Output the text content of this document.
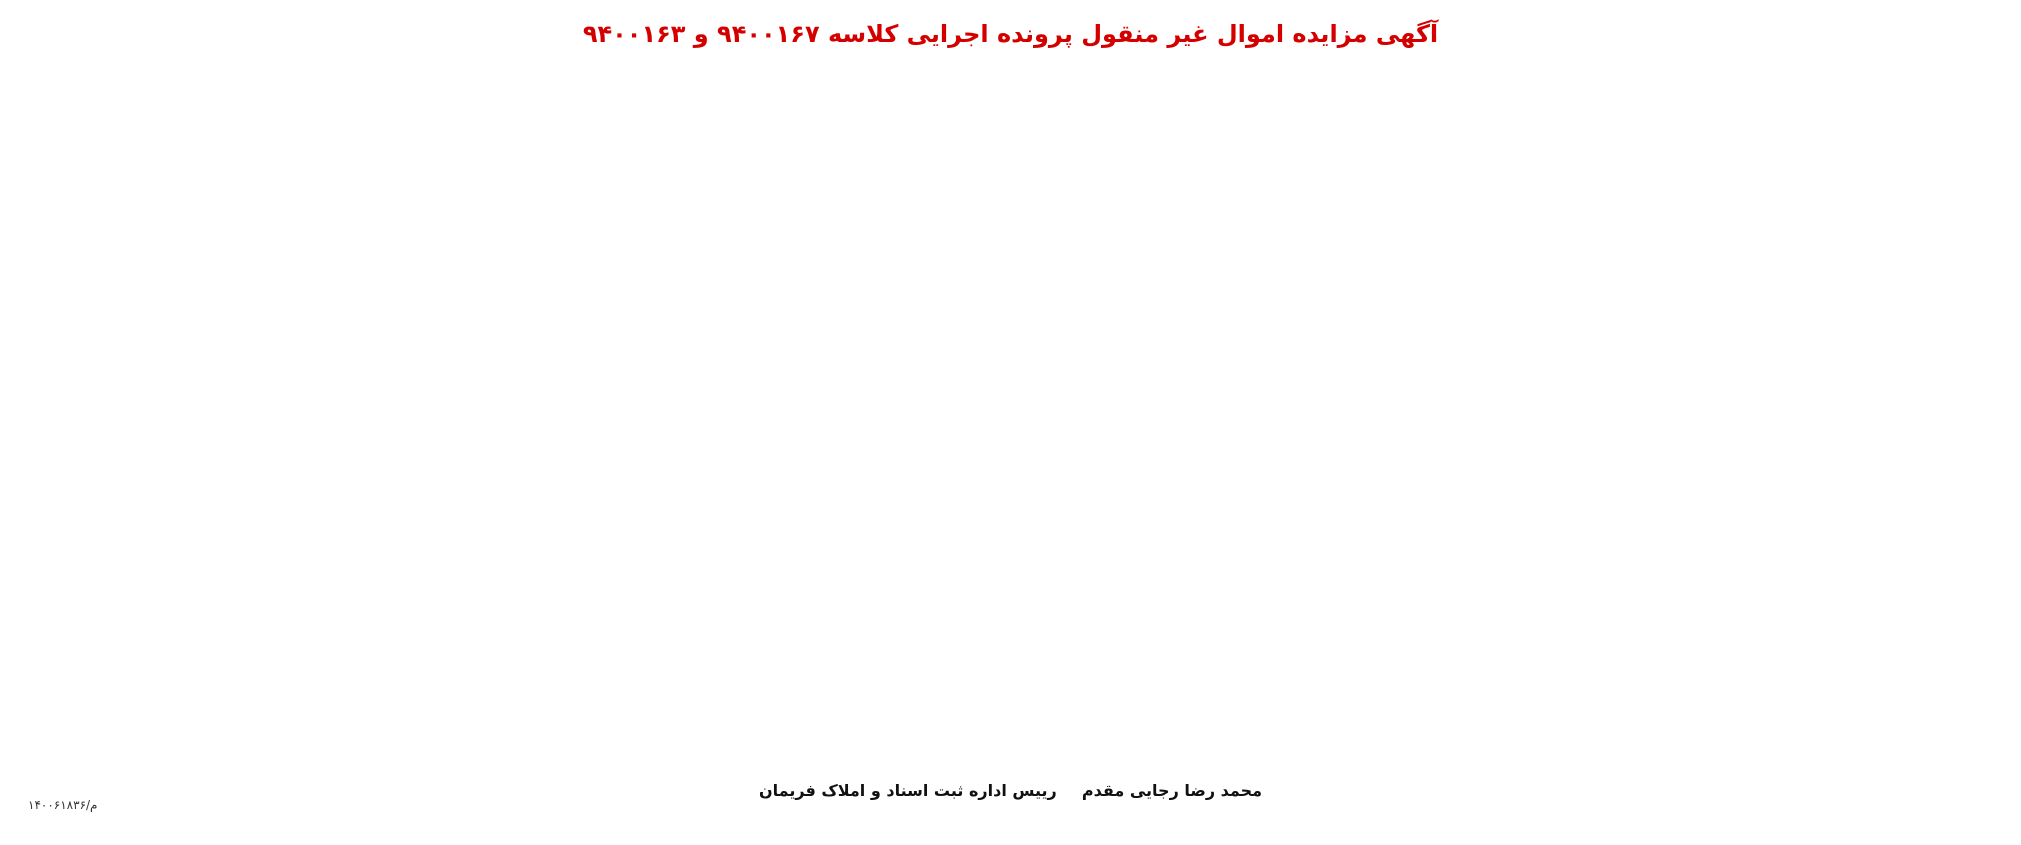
آگهی مزایده اموال غیر منقول پرونده اجرایی کلاسه ۹۴۰۰۱۶۷ و ۹۴۰۰۱۶۳

محمد رضا رجایی مقدم  رییس اداره ثبت اسناد و املاک فریمان
م/۱۴۰۰۶۱۸۳۶
